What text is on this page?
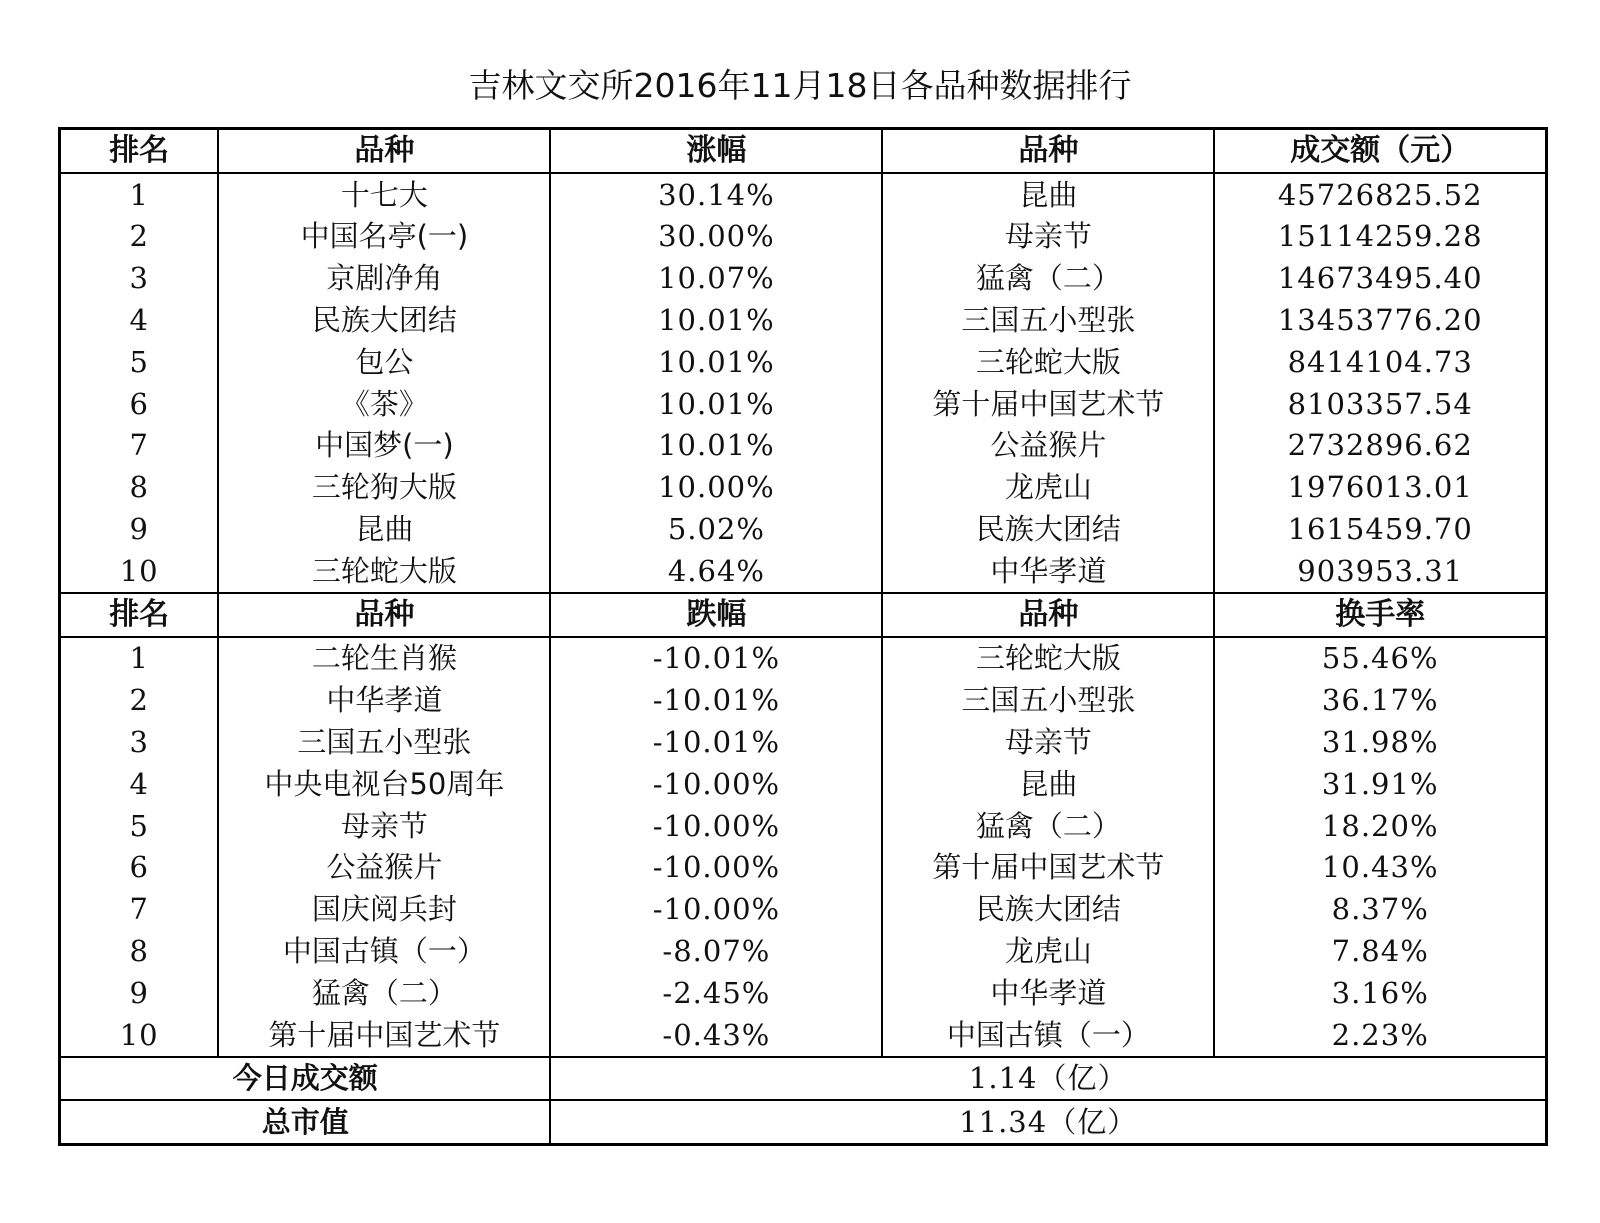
吉林文交所2016年11月18日各品种数据排行
排名	品种	涨幅	品种	成交额（元）
1	十七大	30.14%	昆曲	45726825.52
2	中国名亭(一)	30.00%	母亲节	15114259.28
3	京剧净角	10.07%	猛禽（二）	14673495.40
4	民族大团结	10.01%	三国五小型张	13453776.20
5	包公	10.01%	三轮蛇大版	8414104.73
6	《茶》	10.01%	第十届中国艺术节	8103357.54
7	中国梦(一)	10.01%	公益猴片	2732896.62
8	三轮狗大版	10.00%	龙虎山	1976013.01
9	昆曲	5.02%	民族大团结	1615459.70
10	三轮蛇大版	4.64%	中华孝道	903953.31
排名	品种	跌幅	品种	换手率
1	二轮生肖猴	-10.01%	三轮蛇大版	55.46%
2	中华孝道	-10.01%	三国五小型张	36.17%
3	三国五小型张	-10.01%	母亲节	31.98%
4	中央电视台50周年	-10.00%	昆曲	31.91%
5	母亲节	-10.00%	猛禽（二）	18.20%
6	公益猴片	-10.00%	第十届中国艺术节	10.43%
7	国庆阅兵封	-10.00%	民族大团结	8.37%
8	中国古镇（一）	-8.07%	龙虎山	7.84%
9	猛禽（二）	-2.45%	中华孝道	3.16%
10	第十届中国艺术节	-0.43%	中国古镇（一）	2.23%
今日成交额		1.14（亿）		
总市值		11.34（亿）		
